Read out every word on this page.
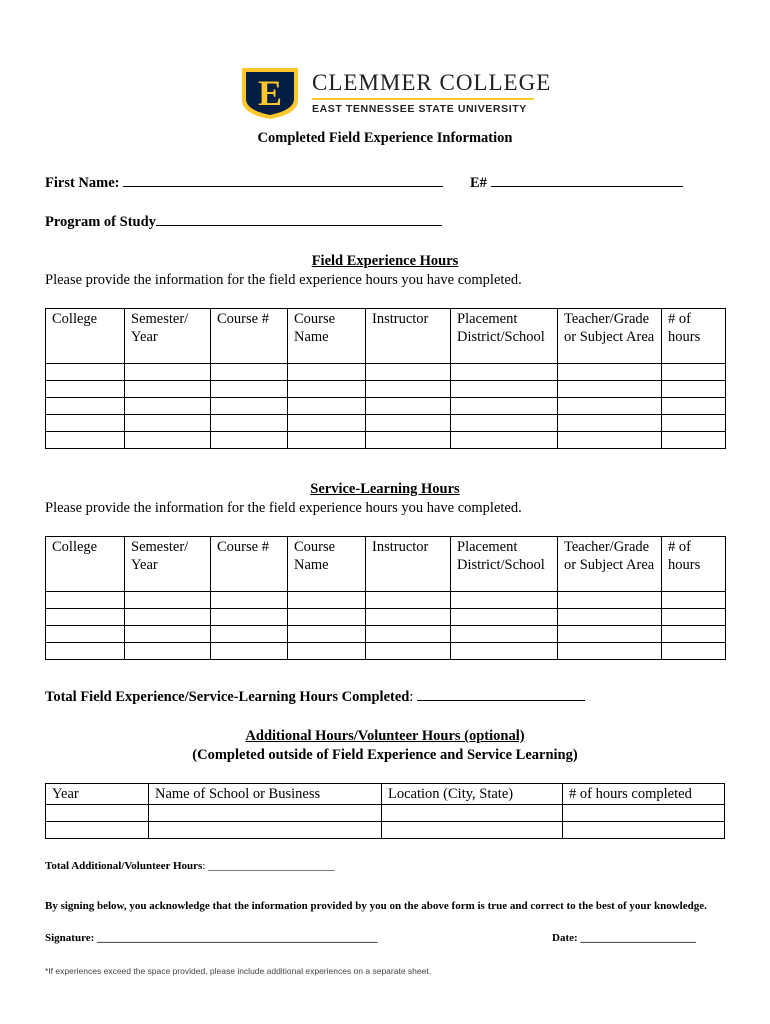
E CLEMMER COLLEGE
EAST TENNESSEE STATE UNIVERSITY
Completed Field Experience Information
First Name:	E#
Program of Study
Field Experience Hours
Please provide the information for the field experience hours you have completed.
College	Semester/ Year	Course #	Course Name	Instructor	Placement District/School	Teacher/Grade or Subject Area	# of hours

Service-Learning Hours
Please provide the information for the field experience hours you have completed.
College	Semester/ Year	Course #	Course Name	Instructor	Placement District/School	Teacher/Grade or Subject Area	# of hours

Total Field Experience/Service-Learning Hours Completed:
Additional Hours/Volunteer Hours (optional)
(Completed outside of Field Experience and Service Learning)
Year	Name of School or Business	Location (City, State)	# of hours completed

Total Additional/Volunteer Hours: _______________________
By signing below, you acknowledge that the information provided by you on the above form is true and correct to the best of your knowledge.
Signature: ___________________________________________________	Date: _____________________
*If experiences exceed the space provided, please include additional experiences on a separate sheet.
